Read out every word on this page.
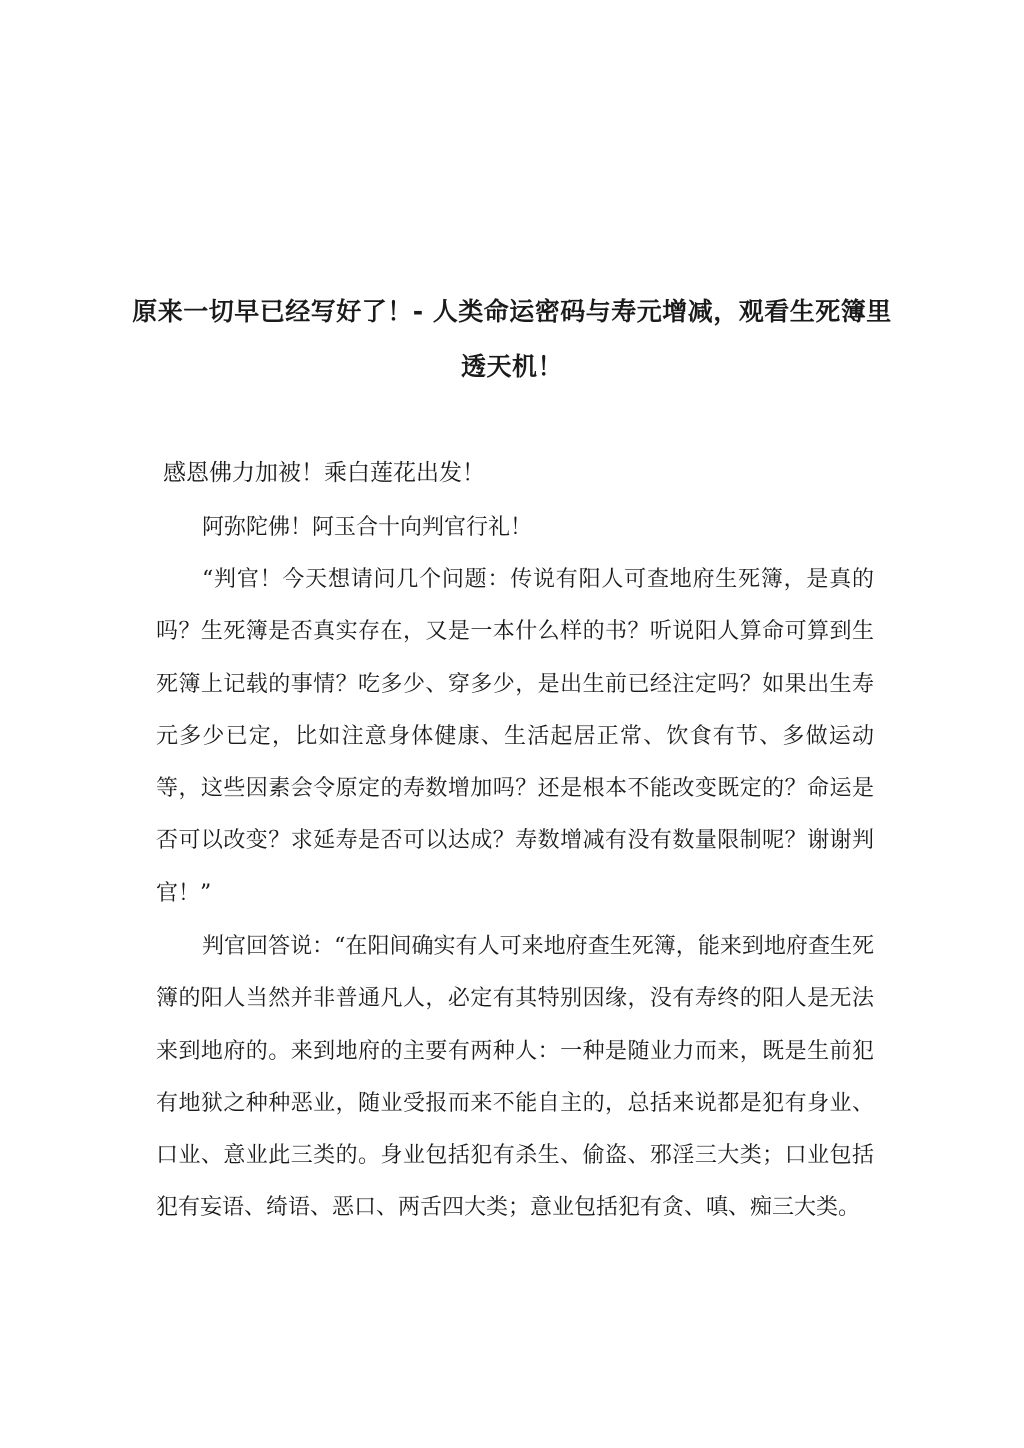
原来一切早已经写好了！- 人类命运密码与寿元增减，观看生死簿里
透天机！
感恩佛力加被！乘白莲花出发！

阿弥陀佛！阿玉合十向判官行礼！

“判官！今天想请问几个问题：传说有阳人可查地府生死簿，是真的吗？生死簿是否真实存在，又是一本什么样的书？听说阳人算命可算到生死簿上记载的事情？吃多少、穿多少，是出生前已经注定吗？如果出生寿元多少已定，比如注意身体健康、生活起居正常、饮食有节、多做运动等，这些因素会令原定的寿数增加吗？还是根本不能改变既定的？命运是否可以改变？求延寿是否可以达成？寿数增减有没有数量限制呢？谢谢判官！”

判官回答说：“在阳间确实有人可来地府查生死簿，能来到地府查生死簿的阳人当然并非普通凡人，必定有其特别因缘，没有寿终的阳人是无法来到地府的。来到地府的主要有两种人：一种是随业力而来，既是生前犯有地狱之种种恶业，随业受报而来不能自主的，总括来说都是犯有身业、口业、意业此三类的。身业包括犯有杀生、偷盗、邪淫三大类；口业包括犯有妄语、绮语、恶口、两舌四大类；意业包括犯有贪、嗔、痴三大类。
